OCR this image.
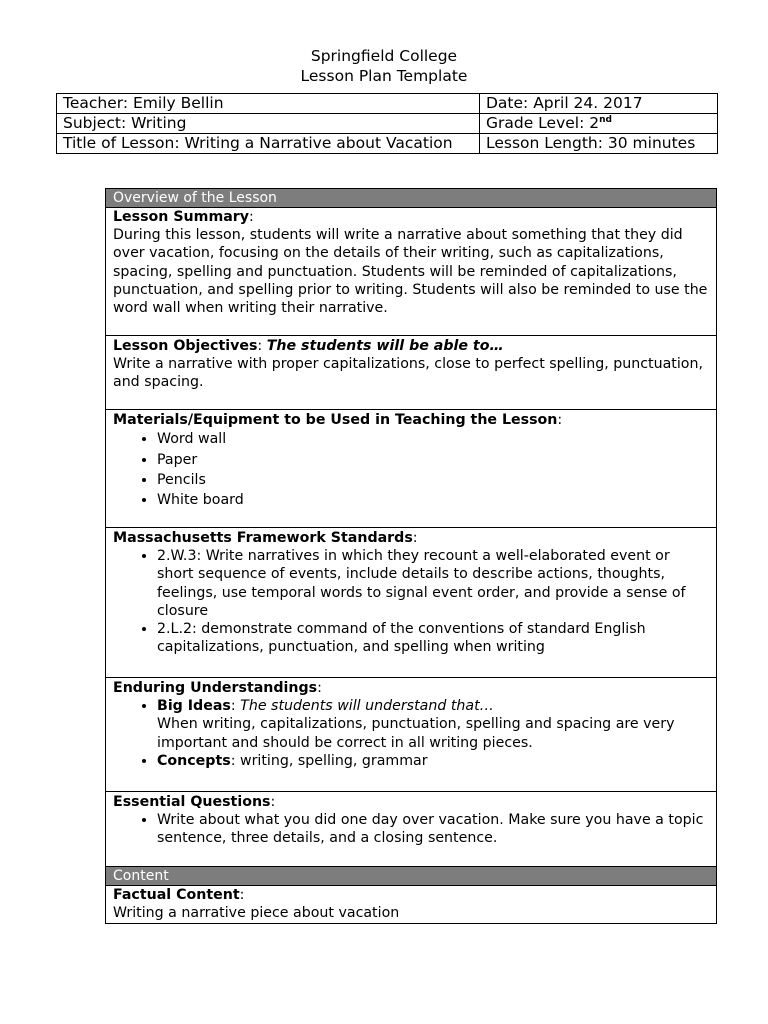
Springfield College
Lesson Plan Template
Teacher: Emily Bellin	Date: April 24. 2017
Subject: Writing	Grade Level: 2nd
Title of Lesson: Writing a Narrative about Vacation	Lesson Length: 30 minutes
Overview of the Lesson
Lesson Summary:
During this lesson, students will write a narrative about something that they did over vacation, focusing on the details of their writing, such as capitalizations, spacing, spelling and punctuation. Students will be reminded of capitalizations, punctuation, and spelling prior to writing. Students will also be reminded to use the word wall when writing their narrative.
Lesson Objectives: The students will be able to…
Write a narrative with proper capitalizations, close to perfect spelling, punctuation, and spacing.
Materials/Equipment to be Used in Teaching the Lesson:
• Word wall
• Paper
• Pencils
• White board
Massachusetts Framework Standards:
• 2.W.3: Write narratives in which they recount a well-elaborated event or short sequence of events, include details to describe actions, thoughts, feelings, use temporal words to signal event order, and provide a sense of closure
• 2.L.2: demonstrate command of the conventions of standard English capitalizations, punctuation, and spelling when writing
Enduring Understandings:
• Big Ideas: The students will understand that…
When writing, capitalizations, punctuation, spelling and spacing are very important and should be correct in all writing pieces.
• Concepts: writing, spelling, grammar
Essential Questions:
• Write about what you did one day over vacation. Make sure you have a topic sentence, three details, and a closing sentence.
Content
Factual Content:
Writing a narrative piece about vacation
